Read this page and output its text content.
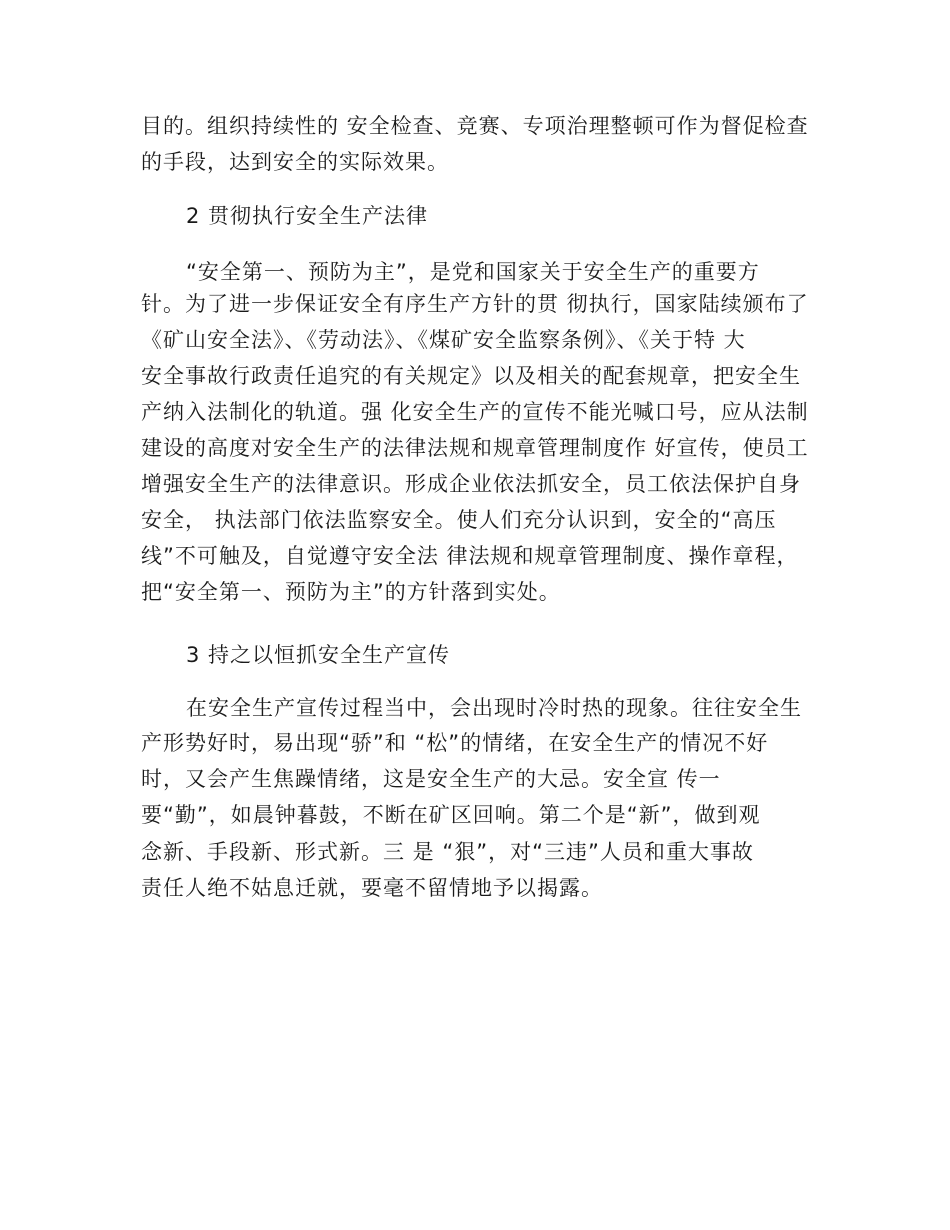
目的。组织持续性的 安全检查、竞赛、专项治理整顿可作为督促检查

的手段，达到安全的实际效果。

2 贯彻执行安全生产法律

“安全第一、预防为主”，是党和国家关于安全生产的重要方

针。为了进一步保证安全有序生产方针的贯 彻执行，国家陆续颁布了

《矿山安全法》、《劳动法》、《煤矿安全监察条例》、《关于特 大

安全事故行政责任追究的有关规定》以及相关的配套规章，把安全生

产纳入法制化的轨道。强 化安全生产的宣传不能光喊口号，应从法制

建设的高度对安全生产的法律法规和规章管理制度作 好宣传，使员工

增强安全生产的法律意识。形成企业依法抓安全，员工依法保护自身

安全， 执法部门依法监察安全。使人们充分认识到，安全的“高压

线”不可触及，自觉遵守安全法 律法规和规章管理制度、操作章程，

把“安全第一、预防为主”的方针落到实处。

3 持之以恒抓安全生产宣传

在安全生产宣传过程当中，会出现时冷时热的现象。往往安全生

产形势好时，易出现“骄”和 “松”的情绪，在安全生产的情况不好

时，又会产生焦躁情绪，这是安全生产的大忌。安全宣 传一

要“勤”，如晨钟暮鼓，不断在矿区回响。第二个是“新”，做到观

念新、手段新、形式新。三 是 “狠”，对“三违”人员和重大事故

责任人绝不姑息迁就，要毫不留情地予以揭露。
